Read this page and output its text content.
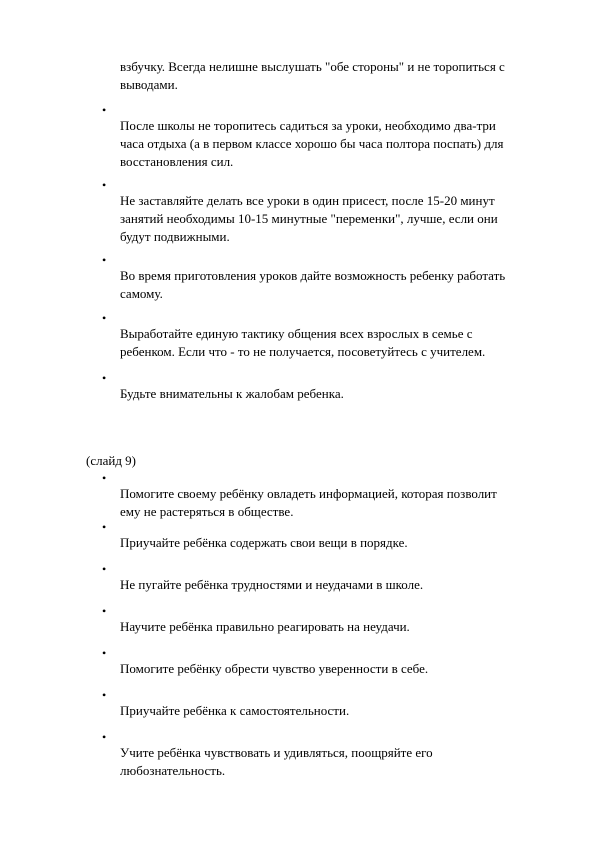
взбучку. Всегда нелишне выслушать "обе стороны" и не торопиться с выводами.

•

После школы не торопитесь садиться за уроки, необходимо два-три часа отдыха (а в первом классе хорошо бы часа полтора поспать) для восстановления сил.

•

Не заставляйте делать все уроки в один присест, после 15-20 минут занятий необходимы 10-15 минутные "переменки", лучше, если они будут подвижными.

•

Во время приготовления уроков дайте возможность ребенку работать самому.

•

Выработайте единую тактику общения всех взрослых в семье с ребенком. Если что - то не получается, посоветуйтесь с учителем.

•

Будьте внимательны к жалобам ребенка.

(слайд 9)
•

Помогите своему ребёнку овладеть информацией, которая позволит ему не растеряться в обществе.

•

Приучайте ребёнка содержать свои вещи в порядке.

•

Не пугайте ребёнка трудностями и неудачами в школе.

•

Научите ребёнка правильно реагировать на неудачи.

•

Помогите ребёнку обрести чувство уверенности в себе.

•

Приучайте ребёнка к самостоятельности.

•

Учите ребёнка чувствовать и удивляться, поощряйте его любознательность.
